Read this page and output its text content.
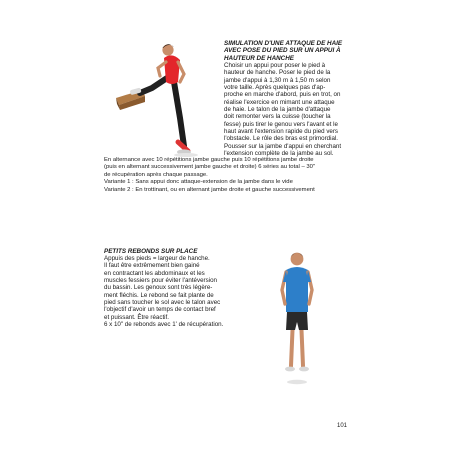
SIMULATION D'UNE ATTAQUE DE HAIE
AVEC POSE DU PIED SUR UN APPUI À
HAUTEUR DE HANCHE

Choisir un appui pour poser le pied à

hauteur de hanche. Poser le pied de la

jambe d'appui à 1,30 m à 1,50 m selon

votre taille. Après quelques pas d'ap-

proche en marche d'abord, puis en trot, on

réalise l'exercice en mimant une attaque

de haie. Le talon de la jambe d'attaque

doit remonter vers la cuisse (toucher la

fesse) puis tirer le genou vers l'avant et le

haut avant l'extension rapide du pied vers

l'obstacle. Le rôle des bras est primordial.

Pousser sur la jambe d'appui en cherchant

l'extension complète de la jambe au sol.

En alternance avec 10 répétitions jambe gauche puis 10 répétitions jambe droite

(puis en alternant successivement jambe gauche et droite) 6 séries au total – 30"

de récupération après chaque passage.

Variante 1 : Sans appui donc attaque-extension de la jambe dans le vide

Variante 2 : En trottinant, ou en alternant jambe droite et gauche successivement

PETITS REBONDS SUR PLACE

Appuis des pieds = largeur de hanche.

Il faut être extrêmement bien gainé

en contractant les abdominaux et les

muscles fessiers pour éviter l'antéversion

du bassin. Les genoux sont très légère-

ment fléchis. Le rebond se fait plante de

pied sans toucher le sol avec le talon avec

l'objectif d'avoir un temps de contact bref

et puissant. Être réactif.

6 x 10" de rebonds avec 1' de récupération.

101
